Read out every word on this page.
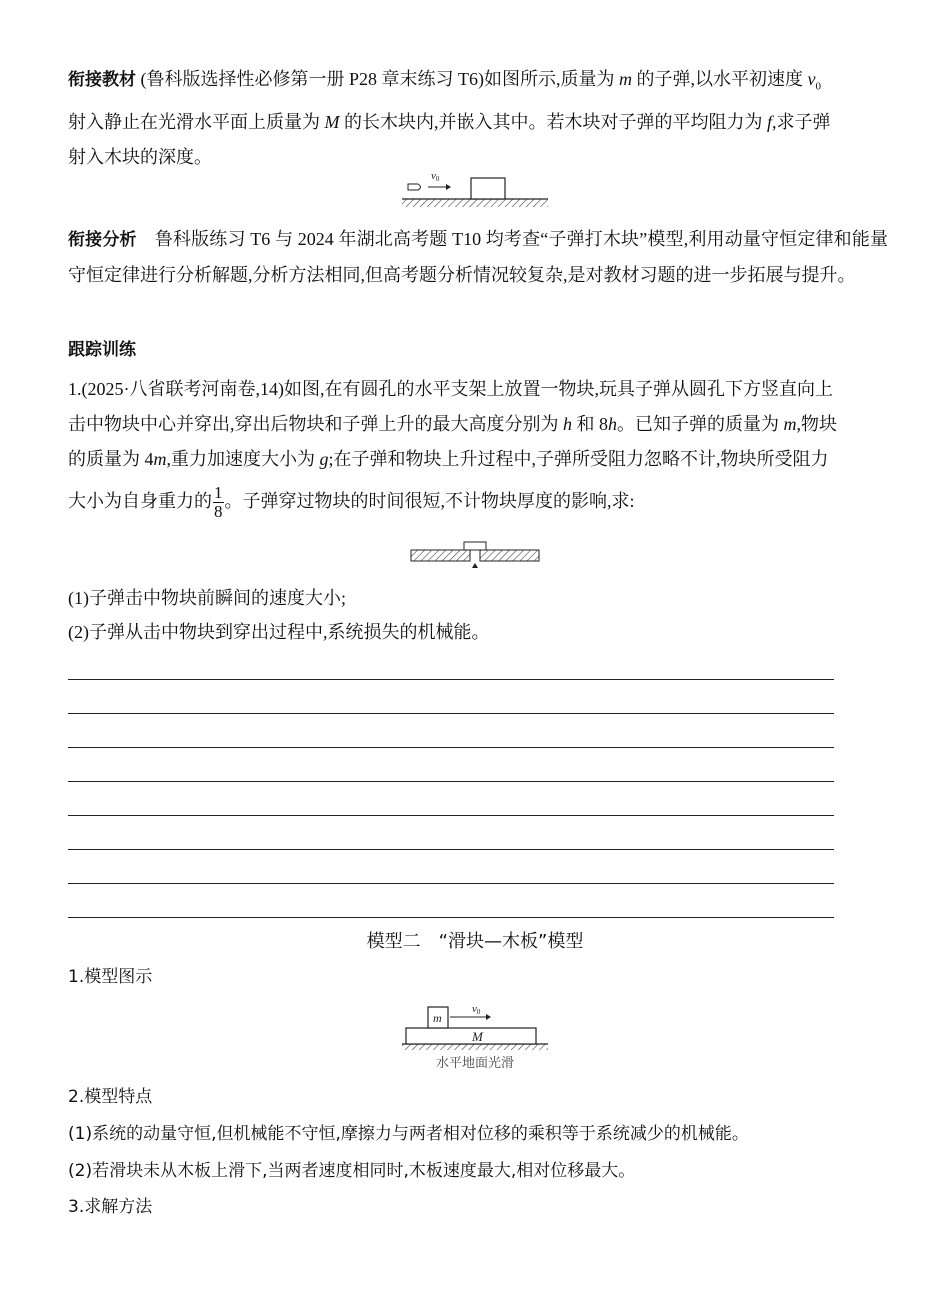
衔接教材 (鲁科版选择性必修第一册 P28 章末练习 T6)如图所示,质量为 m 的子弹,以水平初速度 $v_0$
射入静止在光滑水平面上质量为 M 的长木块内,并嵌入其中。若木块对子弹的平均阻力为 f,求子弹
射入木块的深度。
v0
衔接分析  鲁科版练习 T6 与 2024 年湖北高考题 T10 均考查“子弹打木块”模型,利用动量守恒定律和能量守恒定律进行分析解题,分析方法相同,但高考题分析情况较复杂,是对教材习题的进一步拓展与提升。
跟踪训练
1.(2025·八省联考河南卷,14)如图,在有圆孔的水平支架上放置一物块,玩具子弹从圆孔下方竖直向上
击中物块中心并穿出,穿出后物块和子弹上升的最大高度分别为 h 和 8h。已知子弹的质量为 m,物块
的质量为 4m,重力加速度大小为 g;在子弹和物块上升过程中,子弹所受阻力忽略不计,物块所受阻力
大小为自身重力的 $\frac{1}{8}$ 。子弹穿过物块的时间很短,不计物块厚度的影响,求:
(1)子弹击中物块前瞬间的速度大小;
(2)子弹从击中物块到穿出过程中,系统损失的机械能。
模型二　“滑块—木板”模型
1.模型图示
M
m
v0
水平地面光滑
2.模型特点
(1)系统的动量守恒,但机械能不守恒,摩擦力与两者相对位移的乘积等于系统减少的机械能。
(2)若滑块未从木板上滑下,当两者速度相同时,木板速度最大,相对位移最大。
3.求解方法
